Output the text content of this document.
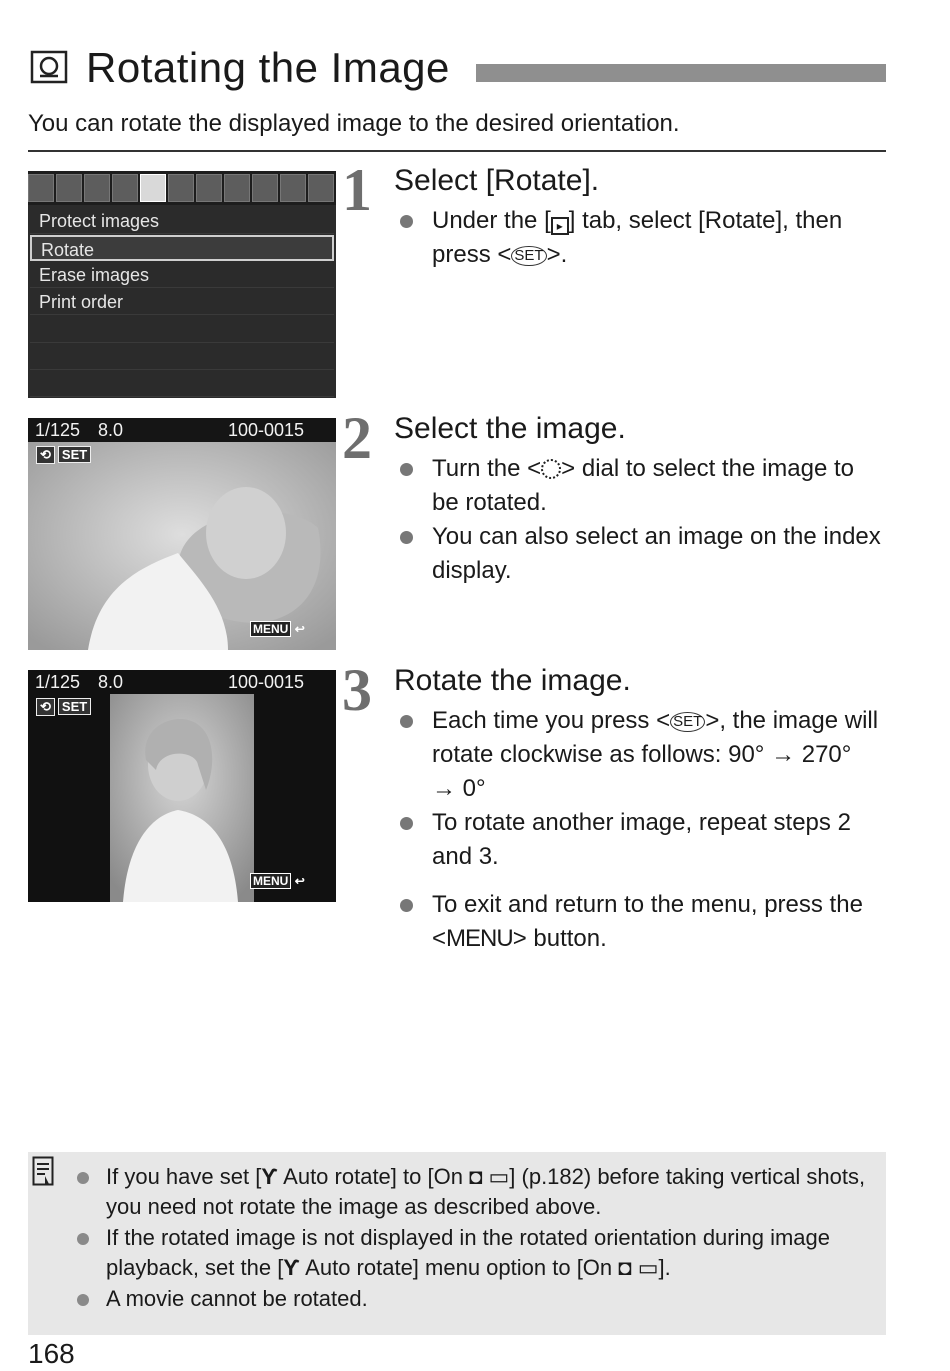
Rotating the Image
You can rotate the displayed image to the desired orientation.
Protect images
Rotate
Erase images
Print order
1/125 8.0	100-0015
⟲ SET
MENU ↩
1/125 8.0	100-0015
⟲ SET
MENU ↩
1 Select [Rotate].
Under the [ ▸ ] tab, select [Rotate], then press < SET >.
2 Select the image.
Turn the < > dial to select the image to be rotated.
You can also select an image on the index display.
3 Rotate the image.
Each time you press < SET >, the image will rotate clockwise as follows: 90° → 270° → 0°
To rotate another image, repeat steps 2 and 3.
To exit and return to the menu, press the <MENU> button.
If you have set [Ƴ Auto rotate] to [On ◘ ▭] (p.182) before taking vertical shots, you need not rotate the image as described above.
If the rotated image is not displayed in the rotated orientation during image playback, set the [Ƴ Auto rotate] menu option to [On ◘ ▭].
A movie cannot be rotated.
168
